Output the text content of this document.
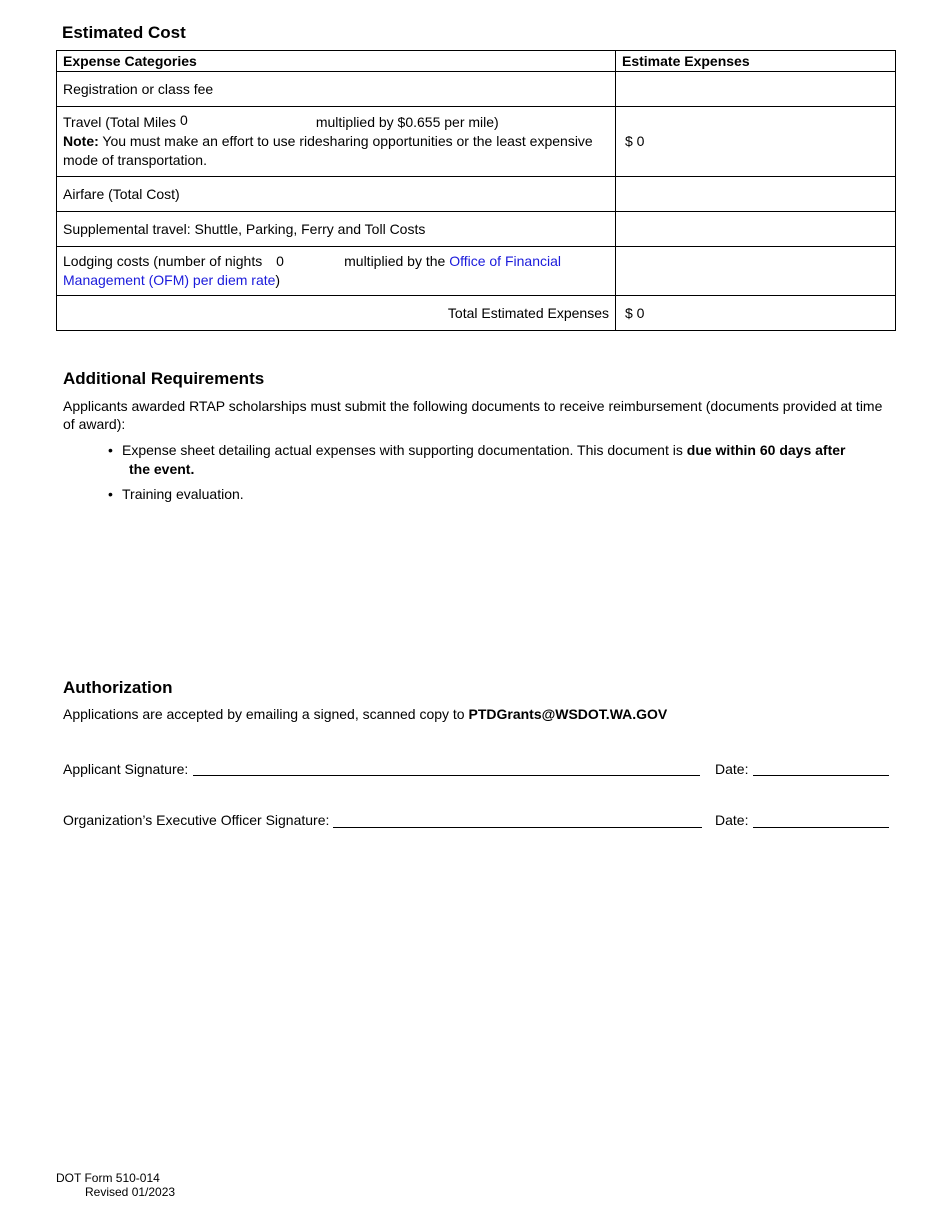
Estimated Cost
Expense Categories	Estimate Expenses
Registration or class fee	
Travel (Total Miles 0 multiplied by $0.655 per mile)
Note: You must make an effort to use ridesharing opportunities or the least expensive mode of transportation.	$ 0
Airfare (Total Cost)	
Supplemental travel: Shuttle, Parking, Ferry and Toll Costs	
Lodging costs (number of nights 0 multiplied by the Office of Financial Management (OFM) per diem rate)	
Total Estimated Expenses	$ 0
Additional Requirements

Applicants awarded RTAP scholarships must submit the following documents to receive reimbursement (documents provided at time of award):

• Expense sheet detailing actual expenses with supporting documentation. This document is due within 60 days after
the event.
• Training evaluation.
Authorization

Applications are accepted by emailing a signed, scanned copy to PTDGrants@WSDOT.WA.GOV

Applicant Signature:	Date:
Organization’s Executive Officer Signature:	Date:
DOT Form 510-014
Revised 01/2023
